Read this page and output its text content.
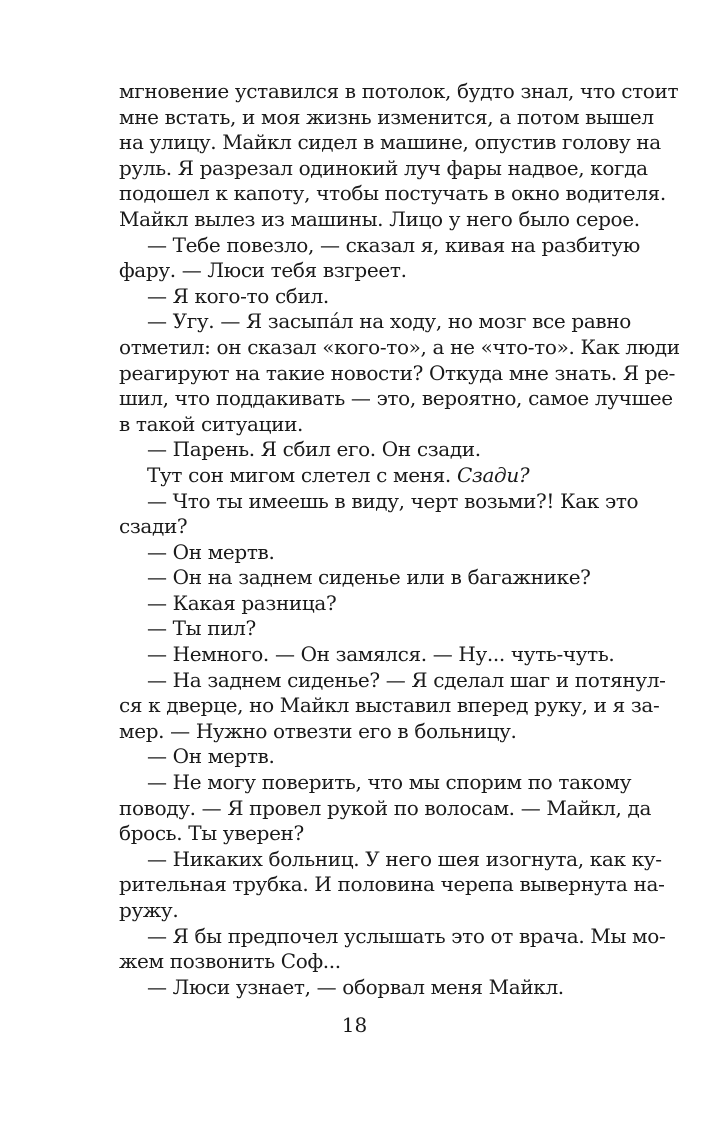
мгновение уставился в потолок, будто знал, что стоит
мне встать, и моя жизнь изменится, а потом вышел
на улицу. Майкл сидел в машине, опустив голову на
руль. Я разрезал одинокий луч фары надвое, когда
подошел к капоту, чтобы постучать в окно водителя.
Майкл вылез из машины. Лицо у него было серое.
— Тебе повезло, — сказал я, кивая на разбитую
фару. — Люси тебя взгреет.
— Я кого-то сбил.
— Угу. — Я засыпáл на ходу, но мозг все равно
отметил: он сказал «кого-то», а не «что-то». Как люди
реагируют на такие новости? Откуда мне знать. Я ре-
шил, что поддакивать — это, вероятно, самое лучшее
в такой ситуации.
— Парень. Я сбил его. Он сзади.
Тут сон мигом слетел с меня. Сзади?
— Что ты имеешь в виду, черт возьми?! Как это
сзади?
— Он мертв.
— Он на заднем сиденье или в багажнике?
— Какая разница?
— Ты пил?
— Немного. — Он замялся. — Ну... чуть-чуть.
— На заднем сиденье? — Я сделал шаг и потянул-
ся к дверце, но Майкл выставил вперед руку, и я за-
мер. — Нужно отвезти его в больницу.
— Он мертв.
— Не могу поверить, что мы спорим по такому
поводу. — Я провел рукой по волосам. — Майкл, да
брось. Ты уверен?
— Никаких больниц. У него шея изогнута, как ку-
рительная трубка. И половина черепа вывернута на-
ружу.
— Я бы предпочел услышать это от врача. Мы мо-
жем позвонить Соф...
— Люси узнает, — оборвал меня Майкл.
18
